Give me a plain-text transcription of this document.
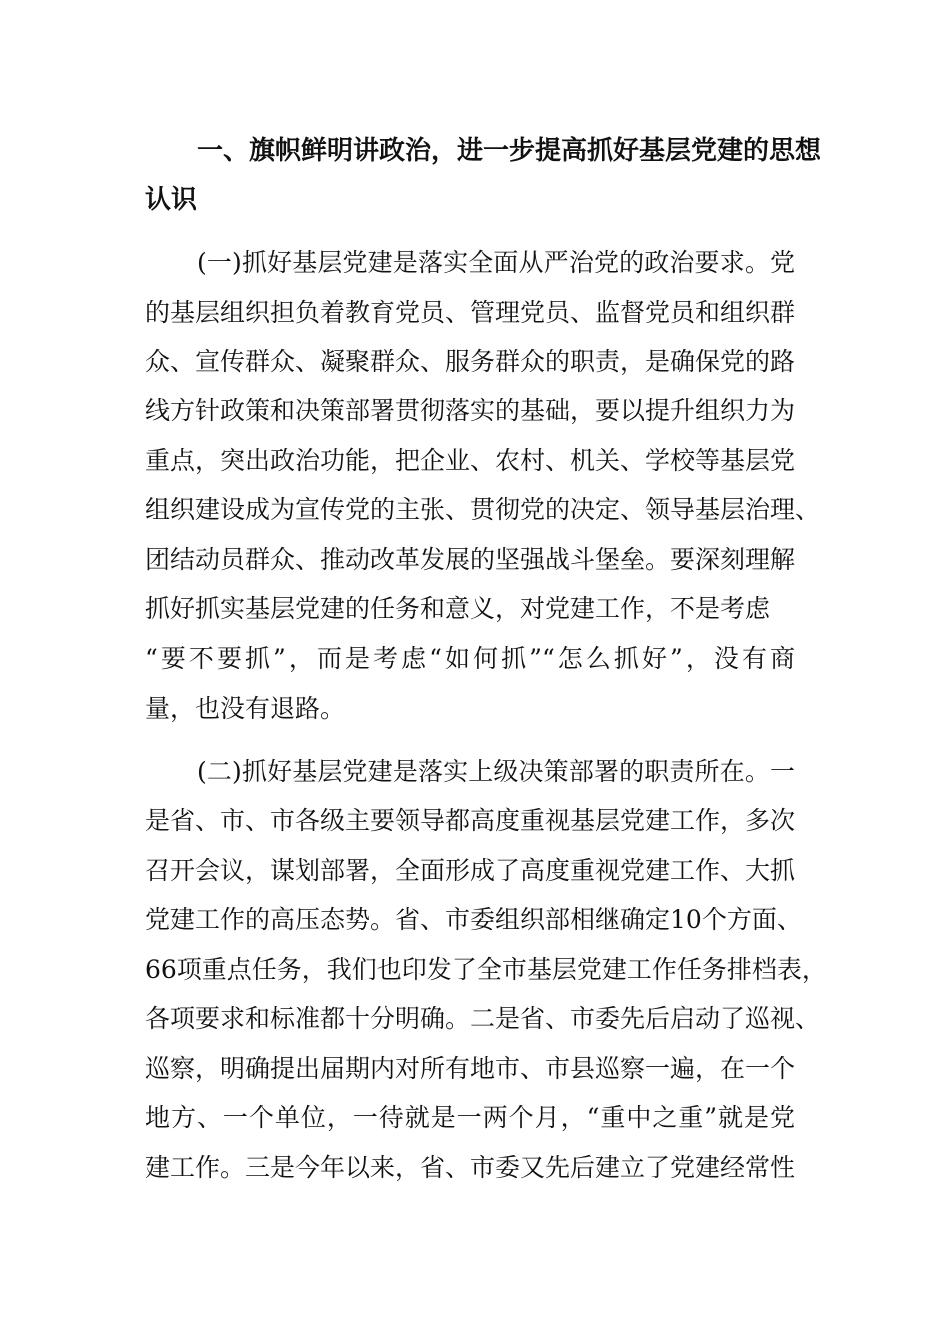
一、旗帜鲜明讲政治，进一步提高抓好基层党建的思想
认识
(一)抓好基层党建是落实全面从严治党的政治要求。党
的基层组织担负着教育党员、管理党员、监督党员和组织群
众、宣传群众、凝聚群众、服务群众的职责，是确保党的路
线方针政策和决策部署贯彻落实的基础，要以提升组织力为
重点，突出政治功能，把企业、农村、机关、学校等基层党
组织建设成为宣传党的主张、贯彻党的决定、领导基层治理、
团结动员群众、推动改革发展的坚强战斗堡垒。要深刻理解
抓好抓实基层党建的任务和意义，对党建工作，不是考虑
“要不要抓”，而是考虑“如何抓”“怎么抓好”，没有商
量，也没有退路。
(二)抓好基层党建是落实上级决策部署的职责所在。一
是省、市、市各级主要领导都高度重视基层党建工作，多次
召开会议，谋划部署，全面形成了高度重视党建工作、大抓
党建工作的高压态势。省、市委组织部相继确定10个方面、
66项重点任务，我们也印发了全市基层党建工作任务排档表，
各项要求和标准都十分明确。二是省、市委先后启动了巡视、
巡察，明确提出届期内对所有地市、市县巡察一遍，在一个
地方、一个单位，一待就是一两个月，“重中之重”就是党
建工作。三是今年以来，省、市委又先后建立了党建经常性
